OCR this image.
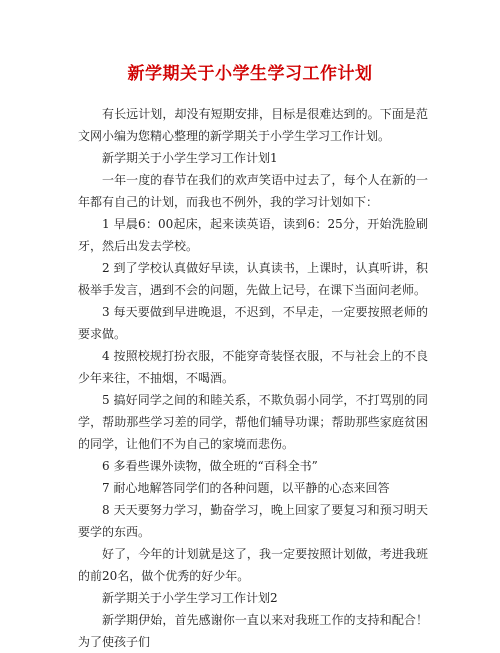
新学期关于小学生学习工作计划

有长远计划，却没有短期安排，目标是很难达到的。下面是范文网小编为您精心整理的新学期关于小学生学习工作计划。

新学期关于小学生学习工作计划1

一年一度的春节在我们的欢声笑语中过去了，每个人在新的一年都有自己的计划，而我也不例外，我的学习计划如下：

1 早晨6：00起床，起来读英语，读到6：25分，开始洗脸刷牙，然后出发去学校。

2 到了学校认真做好早读，认真读书，上课时，认真听讲，积极举手发言，遇到不会的问题，先做上记号，在课下当面问老师。

3 每天要做到早进晚退，不迟到，不早走，一定要按照老师的要求做。

4 按照校规打扮衣服，不能穿奇装怪衣服，不与社会上的不良少年来往，不抽烟，不喝酒。

5 搞好同学之间的和睦关系，不欺负弱小同学，不打骂别的同学，帮助那些学习差的同学，帮他们辅导功课；帮助那些家庭贫困的同学，让他们不为自己的家境而悲伤。

6 多看些课外读物，做全班的“百科全书”

7 耐心地解答同学们的各种问题，以平静的心态来回答

8 天天要努力学习，勤奋学习，晚上回家了要复习和预习明天要学的东西。

好了，今年的计划就是这了，我一定要按照计划做，考进我班的前20名，做个优秀的好少年。

新学期关于小学生学习工作计划2

新学期伊始，首先感谢你一直以来对我班工作的支持和配合！为了使孩子们
